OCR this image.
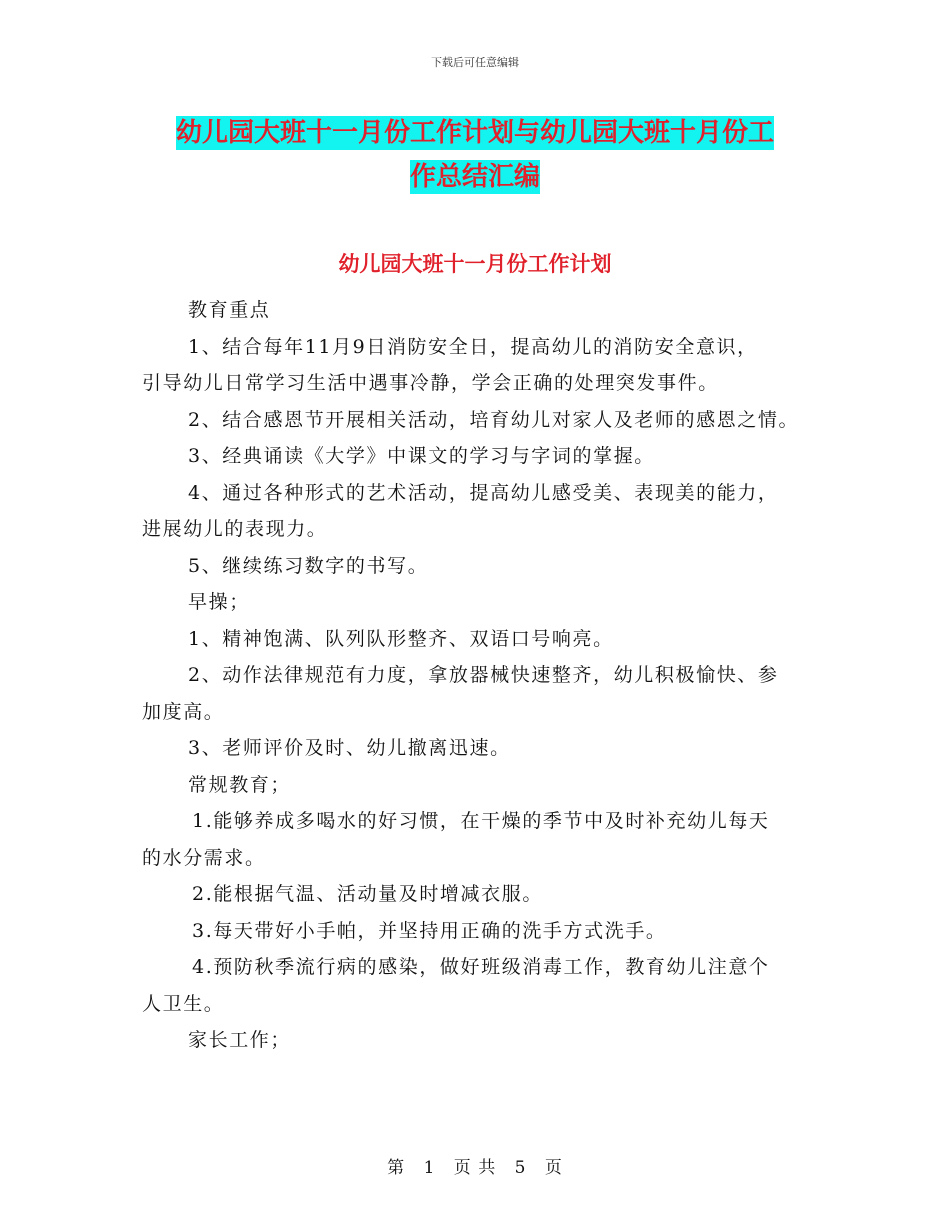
下载后可任意编辑
幼儿园大班十一月份工作计划与幼儿园大班十月份工
作总结汇编
幼儿园大班十一月份工作计划
教育重点
1、结合每年11月9日消防安全日，提高幼儿的消防安全意识，
引导幼儿日常学习生活中遇事冷静，学会正确的处理突发事件。
2、结合感恩节开展相关活动，培育幼儿对家人及老师的感恩之情。
3、经典诵读《大学》中课文的学习与字词的掌握。
4、通过各种形式的艺术活动，提高幼儿感受美、表现美的能力，
进展幼儿的表现力。
5、继续练习数字的书写。
早操；
1、精神饱满、队列队形整齐、双语口号响亮。
2、动作法律规范有力度，拿放器械快速整齐，幼儿积极愉快、参
加度高。
3、老师评价及时、幼儿撤离迅速。
常规教育；
1.能够养成多喝水的好习惯，在干燥的季节中及时补充幼儿每天
的水分需求。
2.能根据气温、活动量及时增减衣服。
3.每天带好小手帕，并坚持用正确的洗手方式洗手。
4.预防秋季流行病的感染，做好班级消毒工作，教育幼儿注意个
人卫生。
家长工作；
第 1 页 共 5 页
